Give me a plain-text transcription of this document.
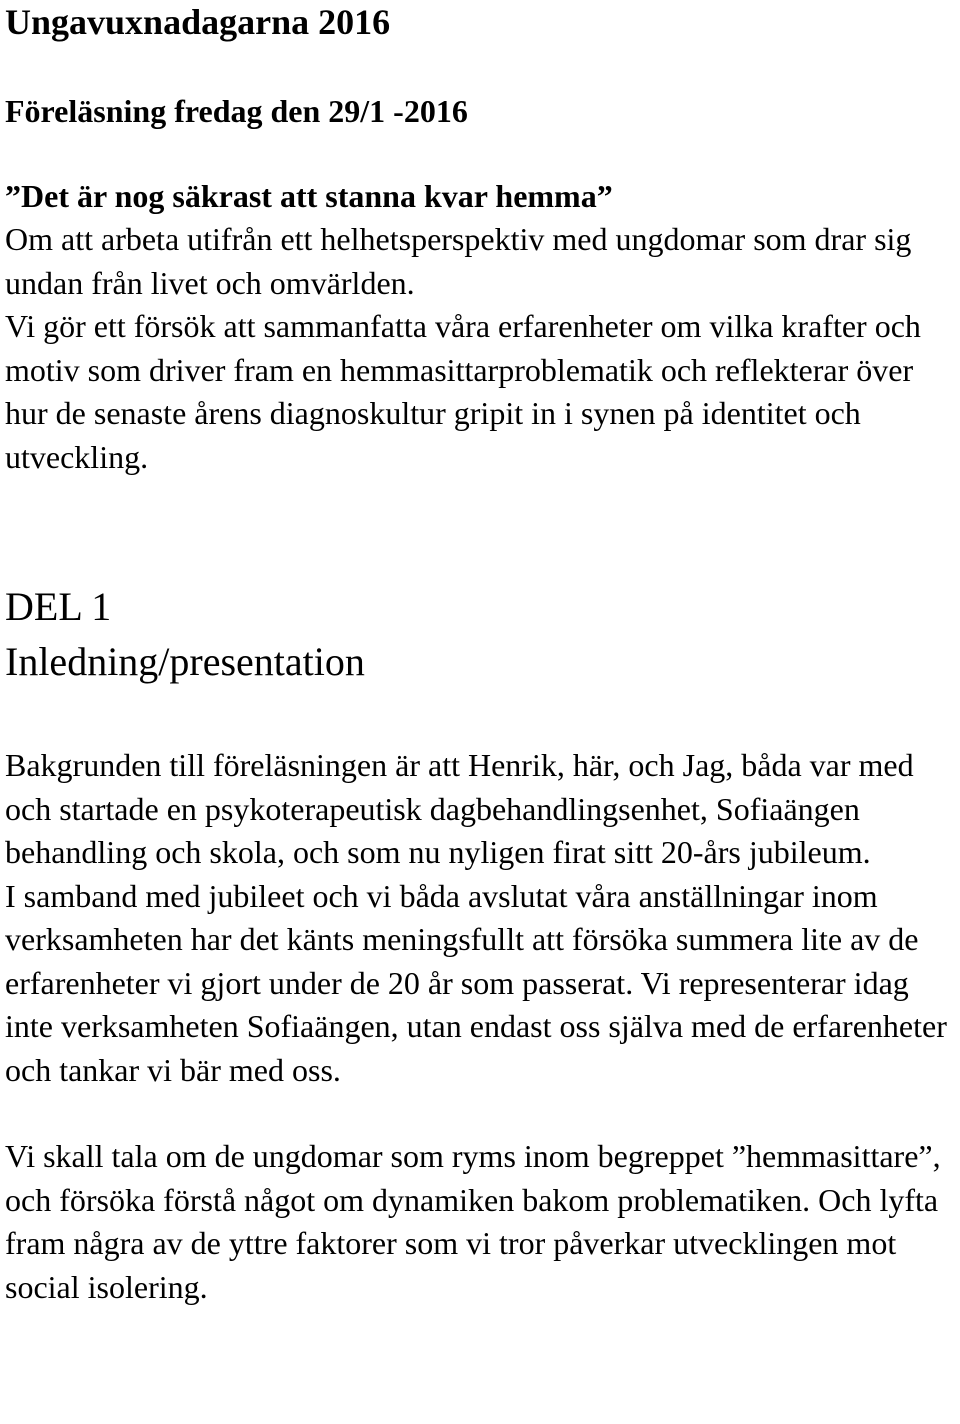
Ungavuxnadagarna 2016
Föreläsning fredag den 29/1 -2016
”Det är nog säkrast att stanna kvar hemma”

Om att arbeta utifrån ett helhetsperspektiv med ungdomar som drar sig undan från livet och omvärlden.

Vi gör ett försök att sammanfatta våra erfarenheter om vilka krafter och motiv som driver fram en hemmasittarproblematik och reflekterar över hur de senaste årens diagnoskultur gripit in i synen på identitet och utveckling.

DEL 1
Inledning/presentation

Bakgrunden till föreläsningen är att Henrik, här, och Jag, båda var med och startade en psykoterapeutisk dagbehandlingsenhet, Sofiaängen behandling och skola, och som nu nyligen firat sitt 20-års jubileum.

I samband med jubileet och vi båda avslutat våra anställningar inom verksamheten har det känts meningsfullt att försöka summera lite av de erfarenheter vi gjort under de 20 år som passerat. Vi representerar idag inte verksamheten Sofiaängen, utan endast oss själva med de erfarenheter och tankar vi bär med oss.

Vi skall tala om de ungdomar som ryms inom begreppet ”hemmasittare”, och försöka förstå något om dynamiken bakom problematiken. Och lyfta fram några av de yttre faktorer som vi tror påverkar utvecklingen mot social isolering.
